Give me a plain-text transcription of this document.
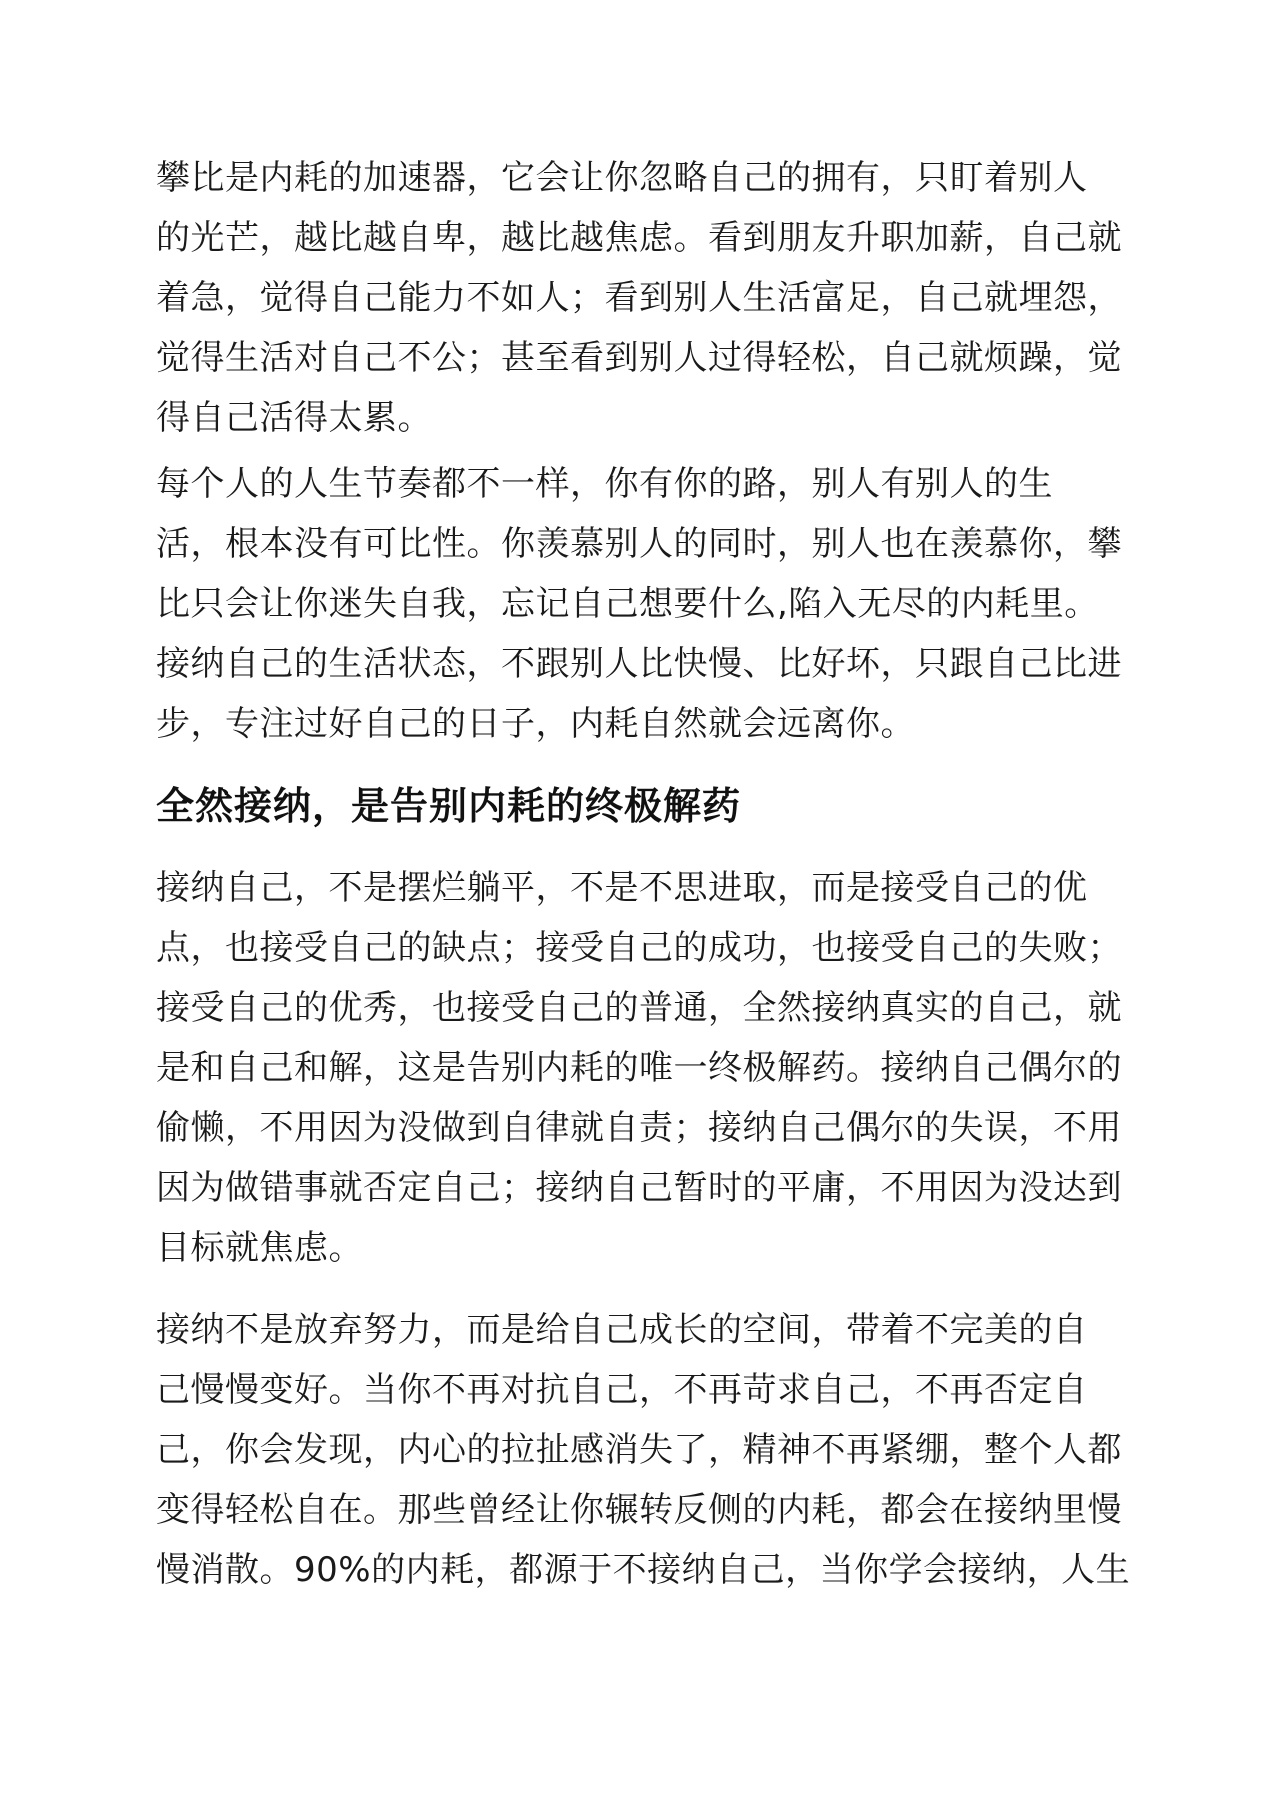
攀比是内耗的加速器，它会让你忽略自己的拥有，只盯着别人
的光芒，越比越自卑，越比越焦虑。看到朋友升职加薪，自己就
着急，觉得自己能力不如人；看到别人生活富足，自己就埋怨，
觉得生活对自己不公；甚至看到别人过得轻松，自己就烦躁，觉
得自己活得太累。
每个人的人生节奏都不一样，你有你的路，别人有别人的生
活，根本没有可比性。你羡慕别人的同时，别人也在羡慕你，攀
比只会让你迷失自我，忘记自己想要什么,陷入无尽的内耗里。
接纳自己的生活状态，不跟别人比快慢、比好坏，只跟自己比进
步，专注过好自己的日子，内耗自然就会远离你。
全然接纳，是告别内耗的终极解药
接纳自己，不是摆烂躺平，不是不思进取，而是接受自己的优
点，也接受自己的缺点；接受自己的成功，也接受自己的失败；
接受自己的优秀，也接受自己的普通，全然接纳真实的自己，就
是和自己和解，这是告别内耗的唯一终极解药。接纳自己偶尔的
偷懒，不用因为没做到自律就自责；接纳自己偶尔的失误，不用
因为做错事就否定自己；接纳自己暂时的平庸，不用因为没达到
目标就焦虑。
接纳不是放弃努力，而是给自己成长的空间，带着不完美的自
己慢慢变好。当你不再对抗自己，不再苛求自己，不再否定自
己，你会发现，内心的拉扯感消失了，精神不再紧绷，整个人都
变得轻松自在。那些曾经让你辗转反侧的内耗，都会在接纳里慢
慢消散。90%的内耗，都源于不接纳自己，当你学会接纳，人生
